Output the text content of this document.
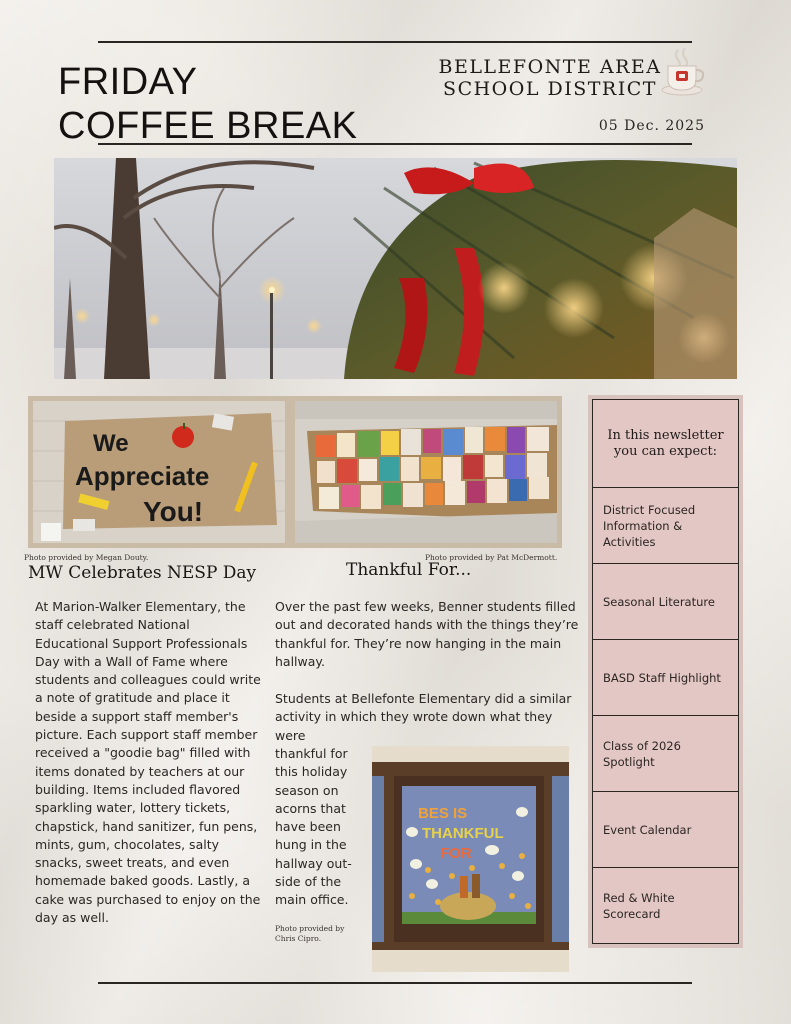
FRIDAY
COFFEE BREAK
BELLEFONTE AREA
SCHOOL DISTRICT
05 Dec. 2025
We
Appreciate
You!
Photo provided by Megan Douty.	Photo provided by Pat McDermott.
MW Celebrates NESP Day	Thankful For...
At Marion-Walker Elementary, the staff celebrated National Educational Support Professionals Day with a Wall of Fame where students and colleagues could write a note of gratitude and place it beside a support staff member's picture. Each support staff member received a "goodie bag" filled with items donated by teachers at our building. Items included flavored sparkling water, lottery tickets, chapstick, hand sanitizer, fun pens, mints, gum, chocolates, salty snacks, sweet treats, and even homemade baked goods. Lastly, a cake was purchased to enjoy on the day as well.
Over the past few weeks, Benner students filled out and decorated hands with the things they’re thankful for. They’re now hanging in the main hallway.
Students at Bellefonte Elementary did a similar activity in which they wrote down what they were
thankful for this holiday season on acorns that have been hung in the hallway out-side of the main office.
Photo provided by Chris Cipro.
BES IS
THANKFUL
FOR
In this newsletter you can expect:
District Focused Information & Activities
Seasonal Literature
BASD Staff Highlight
Class of 2026 Spotlight
Event Calendar
Red & White Scorecard
